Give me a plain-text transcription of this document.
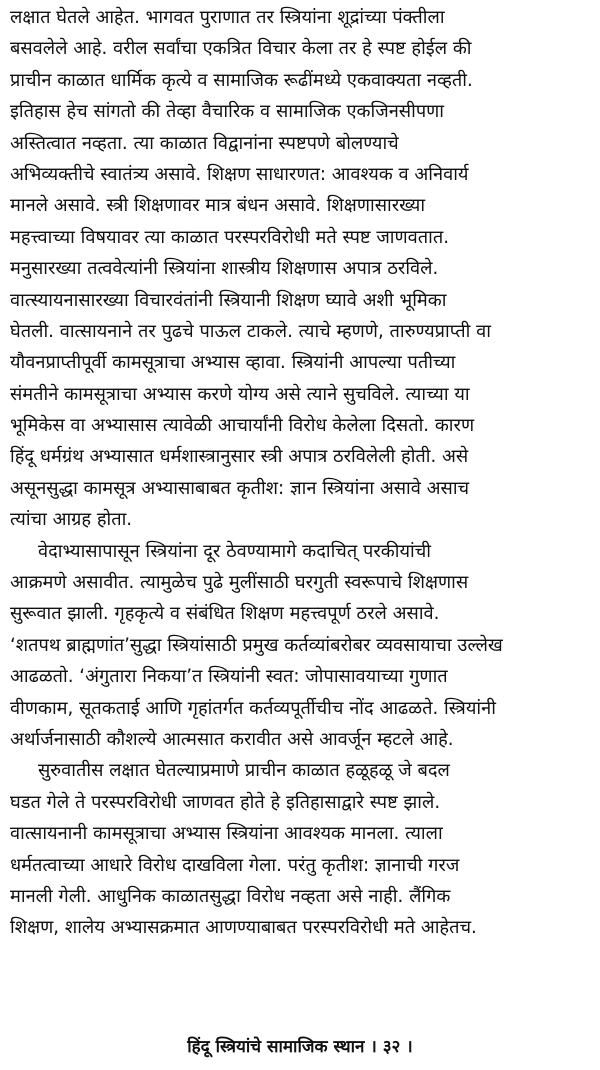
लक्षात घेतले आहेत. भागवत पुराणात तर स्त्रियांना शूद्रांच्या पंक्तीला
बसवलेले आहे. वरील सर्वांचा एकत्रित विचार केला तर हे स्पष्ट होईल की
प्राचीन काळात धार्मिक कृत्ये व सामाजिक रूढींमध्ये एकवाक्यता नव्हती.
इतिहास हेच सांगतो की तेव्हा वैचारिक व सामाजिक एकजिनसीपणा
अस्तित्वात नव्हता. त्या काळात विद्वानांना स्पष्टपणे बोलण्याचे
अभिव्यक्तीचे स्वातंत्र्य असावे. शिक्षण साधारणत: आवश्यक व अनिवार्य
मानले असावे. स्त्री शिक्षणावर मात्र बंधन असावे. शिक्षणासारख्या
महत्त्वाच्या विषयावर त्या काळात परस्परविरोधी मते स्पष्ट जाणवतात.
मनुसारख्या तत्ववेत्यांनी स्त्रियांना शास्त्रीय शिक्षणास अपात्र ठरविले.
वात्स्यायनासारख्या विचारवंतांनी स्त्रियानी शिक्षण घ्यावे अशी भूमिका
घेतली. वात्सायनाने तर पुढचे पाऊल टाकले. त्याचे म्हणणे, तारुण्यप्राप्ती वा
यौवनप्राप्तीपूर्वी कामसूत्राचा अभ्यास व्हावा. स्त्रियांनी आपल्या पतीच्या
संमतीने कामसूत्राचा अभ्यास करणे योग्य असे त्याने सुचविले. त्याच्या या
भूमिकेस वा अभ्यासास त्यावेळी आचार्यांनी विरोध केलेला दिसतो. कारण
हिंदू धर्मग्रंथ अभ्यासात धर्मशास्त्रानुसार स्त्री अपात्र ठरविलेली होती. असे
असूनसुद्धा कामसूत्र अभ्यासाबाबत कृतीश: ज्ञान स्त्रियांना असावे असाच
त्यांचा आग्रह होता.
वेदाभ्यासापासून स्त्रियांना दूर ठेवण्यामागे कदाचित् परकीयांची
आक्रमणे असावीत. त्यामुळेच पुढे मुलींसाठी घरगुती स्वरूपाचे शिक्षणास
सुरूवात झाली. गृहकृत्ये व संबंधित शिक्षण महत्त्वपूर्ण ठरले असावे.
‘शतपथ ब्राह्मणांत’सुद्धा स्त्रियांसाठी प्रमुख कर्तव्यांबरोबर व्यवसायाचा उल्लेख
आढळतो. ‘अंगुतारा निकया’त स्त्रियांनी स्वत: जोपासावयाच्या गुणात
वीणकाम, सूतकताई आणि गृहांतर्गत कर्तव्यपूर्तीचीच नोंद आढळते. स्त्रियांनी
अर्थार्जनासाठी कौशल्ये आत्मसात करावीत असे आवर्जून म्हटले आहे.
सुरुवातीस लक्षात घेतल्याप्रमाणे प्राचीन काळात हळूहळू जे बदल
घडत गेले ते परस्परविरोधी जाणवत होते हे इतिहासाद्वारे स्पष्ट झाले.
वात्सायनानी कामसूत्राचा अभ्यास स्त्रियांना आवश्यक मानला. त्याला
धर्मतत्वाच्या आधारे विरोध दाखविला गेला. परंतु कृतीश: ज्ञानाची गरज
मानली गेली. आधुनिक काळातसुद्धा विरोध नव्हता असे नाही. लैंगिक
शिक्षण, शालेय अभ्यासक्रमात आणण्याबाबत परस्परविरोधी मते आहेतच.
हिंदू स्त्रियांचे सामाजिक स्थान । ३२ ।
